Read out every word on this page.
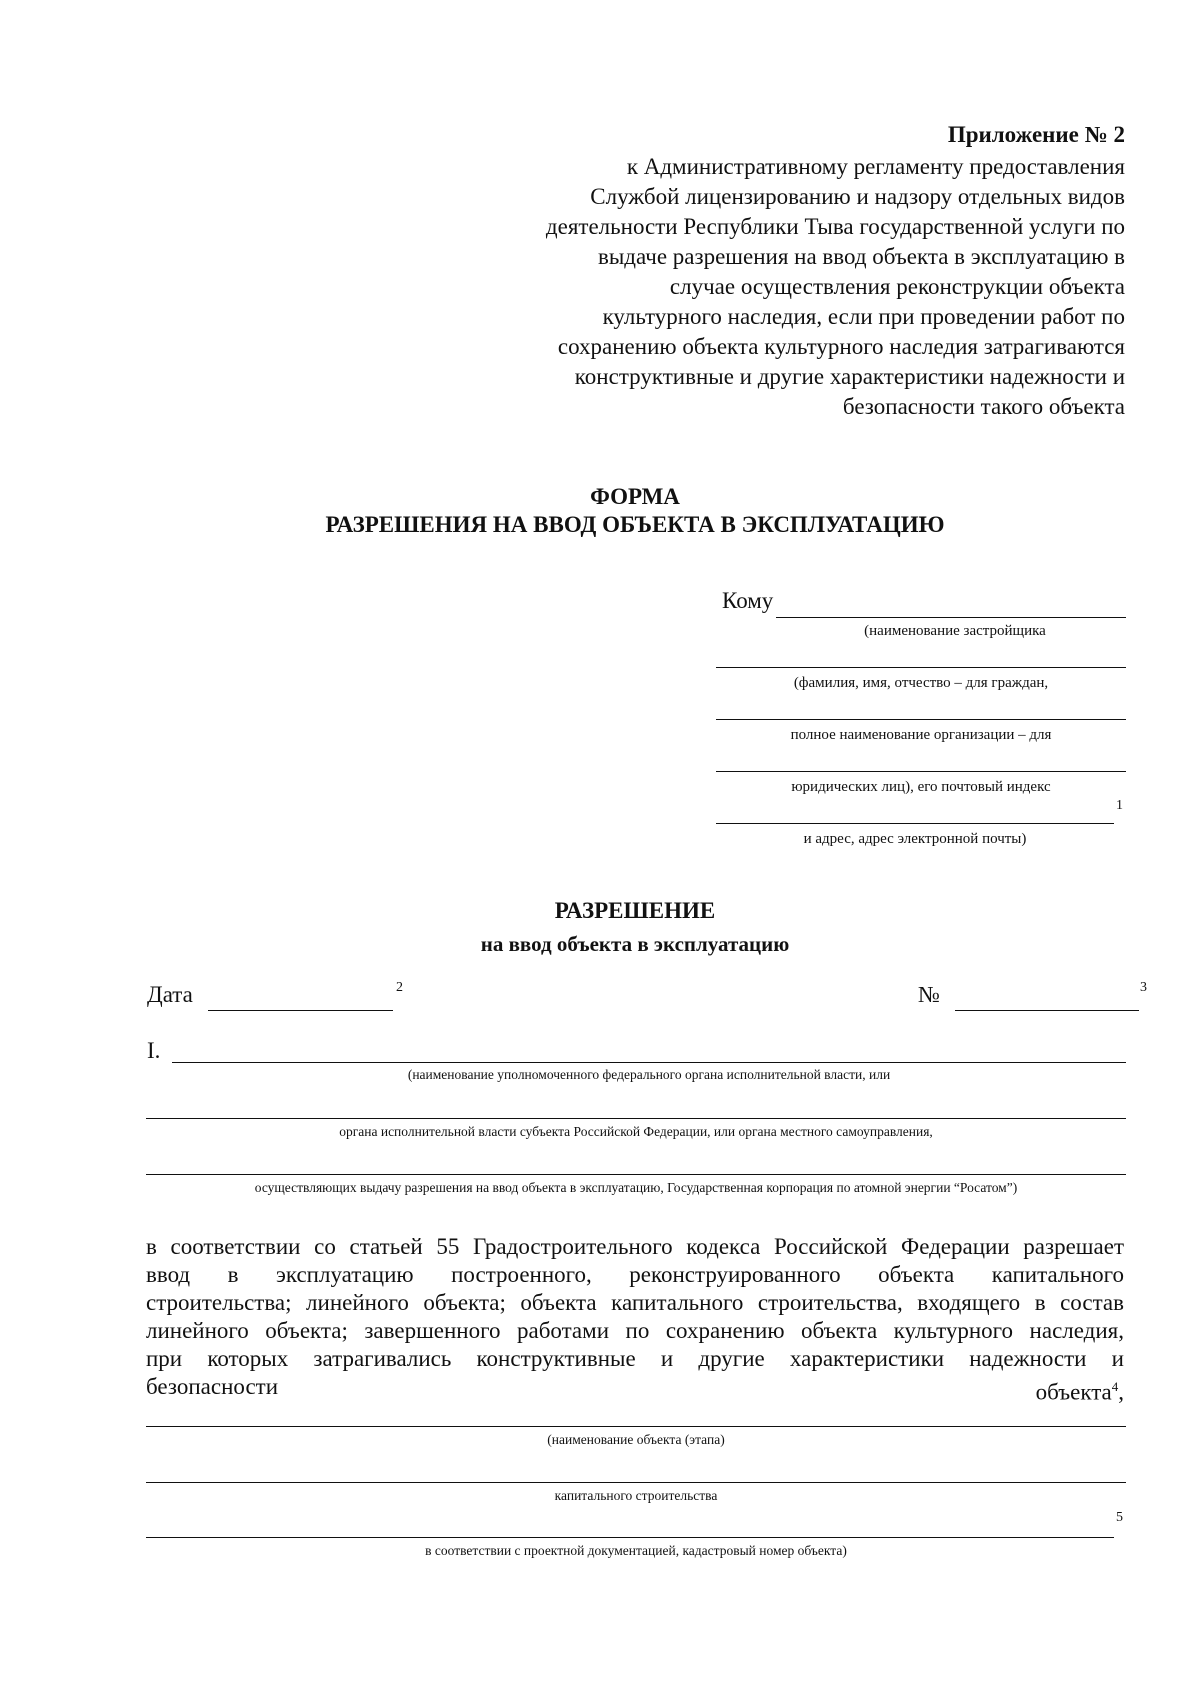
Приложение № 2
к Административному регламенту предоставления
Службой лицензированию и надзору отдельных видов
деятельности Республики Тыва государственной услуги по
выдаче разрешения на ввод объекта в эксплуатацию в
случае осуществления реконструкции объекта
культурного наследия, если при проведении работ по
сохранению объекта культурного наследия затрагиваются
конструктивные и другие характеристики надежности и
безопасности такого объекта
ФОРМА
РАЗРЕШЕНИЯ НА ВВОД ОБЪЕКТА В ЭКСПЛУАТАЦИЮ
Кому
(наименование застройщика
(фамилия, имя, отчество – для граждан,
полное наименование организации – для
юридических лиц), его почтовый индекс
1
и адрес, адрес электронной почты)
РАЗРЕШЕНИЕ
на ввод объекта в эксплуатацию
Дата	2	№	3
I.
(наименование уполномоченного федерального органа исполнительной власти, или
органа исполнительной власти субъекта Российской Федерации, или органа местного самоуправления,
осуществляющих выдачу разрешения на ввод объекта в эксплуатацию, Государственная корпорация по атомной энергии “Росатом”)
в соответствии со статьей 55 Градостроительного кодекса Российской Федерации разрешает
ввод в эксплуатацию построенного, реконструированного объекта капитального
строительства; линейного объекта; объекта капитального строительства, входящего в состав
линейного объекта; завершенного работами по сохранению объекта культурного наследия,
при которых затрагивались конструктивные и другие характеристики надежности и
безопасности	объекта$^4$,
(наименование объекта (этапа)
капитального строительства
5
в соответствии с проектной документацией, кадастровый номер объекта)
